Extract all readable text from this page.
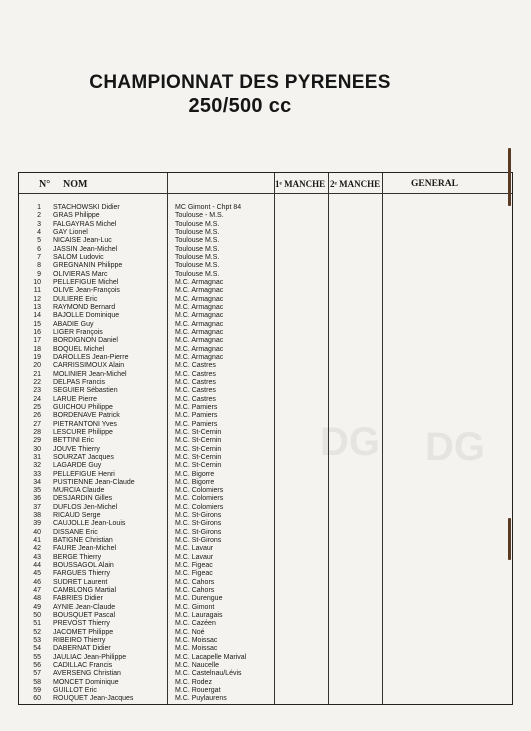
CHAMPIONNAT DES PYRENEES
250/500 cc
DG DG
N° NOM	1ᵉ MANCHE 2ᵉ MANCHE	GENERAL
1 STACHOWSKI Didier	MC Gimont - Chpt 84
2 GRAS Philippe	Toulouse - M.S.
3 FALGAYRAS Michel	Toulouse M.S.
4 GAY Lionel	Toulouse M.S.
5 NICAISE Jean-Luc	Toulouse M.S.
6 JASSIN Jean-Michel	Toulouse M.S.
7 SALOM Ludovic	Toulouse M.S.
8 GREGNANIN Philippe	Toulouse M.S.
9 OLIVIERAS Marc	Toulouse M.S.
10 PELLEFIGUE Michel	M.C. Armagnac
11 OLIVE Jean-François	M.C. Armagnac
12 DULIERE Eric	M.C. Armagnac
13 RAYMOND Bernard	M.C. Armagnac
14 BAJOLLE Dominique	M.C. Armagnac
15 ABADIE Guy	M.C. Armagnac
16 LIGER François	M.C. Armagnac
17 BORDIGNON Daniel	M.C. Armagnac
18 BOQUEL Michel	M.C. Armagnac
19 DAROLLES Jean-Pierre	M.C. Armagnac
20 CARRISSIMOUX Alain	M.C. Castres
21 MOLINIER Jean-Michel	M.C. Castres
22 DELPAS Francis	M.C. Castres
23 SEGUIER Sébastien	M.C. Castres
24 LARUE Pierre	M.C. Castres
25 GUICHOU Philippe	M.C. Pamiers
26 BORDENAVE Patrick	M.C. Pamiers
27 PIETRANTONI Yves	M.C. Pamiers
28 LESCURE Philippe	M.C. St-Cernin
29 BETTINI Eric	M.C. St-Cernin
30 JOUVE Thierry	M.C. St-Cernin
31 SOURZAT Jacques	M.C. St-Cernin
32 LAGARDE Guy	M.C. St-Cernin
33 PELLEFIGUE Henri	M.C. Bigorre
34 PUSTIENNE Jean-Claude	M.C. Bigorre
35 MURCIA Claude	M.C. Colomiers
36 DESJARDIN Gilles	M.C. Colomiers
37 DUFLOS Jen-Michel	M.C. Colomiers
38 RICAUD Serge	M.C. St-Girons
39 CAUJOLLE Jean-Louis	M.C. St-Girons
40 DISSANE Eric	M.C. St-Girons
41 BATIGNE Christian	M.C. St-Girons
42 FAURE Jean-Michel	M.C. Lavaur
43 BERGE Thierry	M.C. Lavaur
44 BOUSSAGOL Alain	M.C. Figeac
45 FARGUES Thierry	M.C. Figeac
46 SUDRET Laurent	M.C. Cahors
47 CAMBLONG Martial	M.C. Cahors
48 FABRIES Didier	M.C. Durengue
49 AYNIE Jean-Claude	M.C. Gimont
50 BOUSQUET Pascal	M.C. Lauragais
51 PREVOST Thierry	M.C. Cazéen
52 JACOMET Philippe	M.C. Noé
53 RIBEIRO Thierry	M.C. Moissac
54 DABERNAT Didier	M.C. Moissac
55 JAULIAC Jean-Philippe	M.C. Lacapelle Marival
56 CADILLAC Francis	M.C. Naucelle
57 AVERSENG Christian	M.C. Castelnau/Lévis
58 MONCET Dominique	M.C. Rodez
59 GUILLOT Eric	M.C. Rouergat
60 ROUQUET Jean-Jacques	M.C. Puylaurens
